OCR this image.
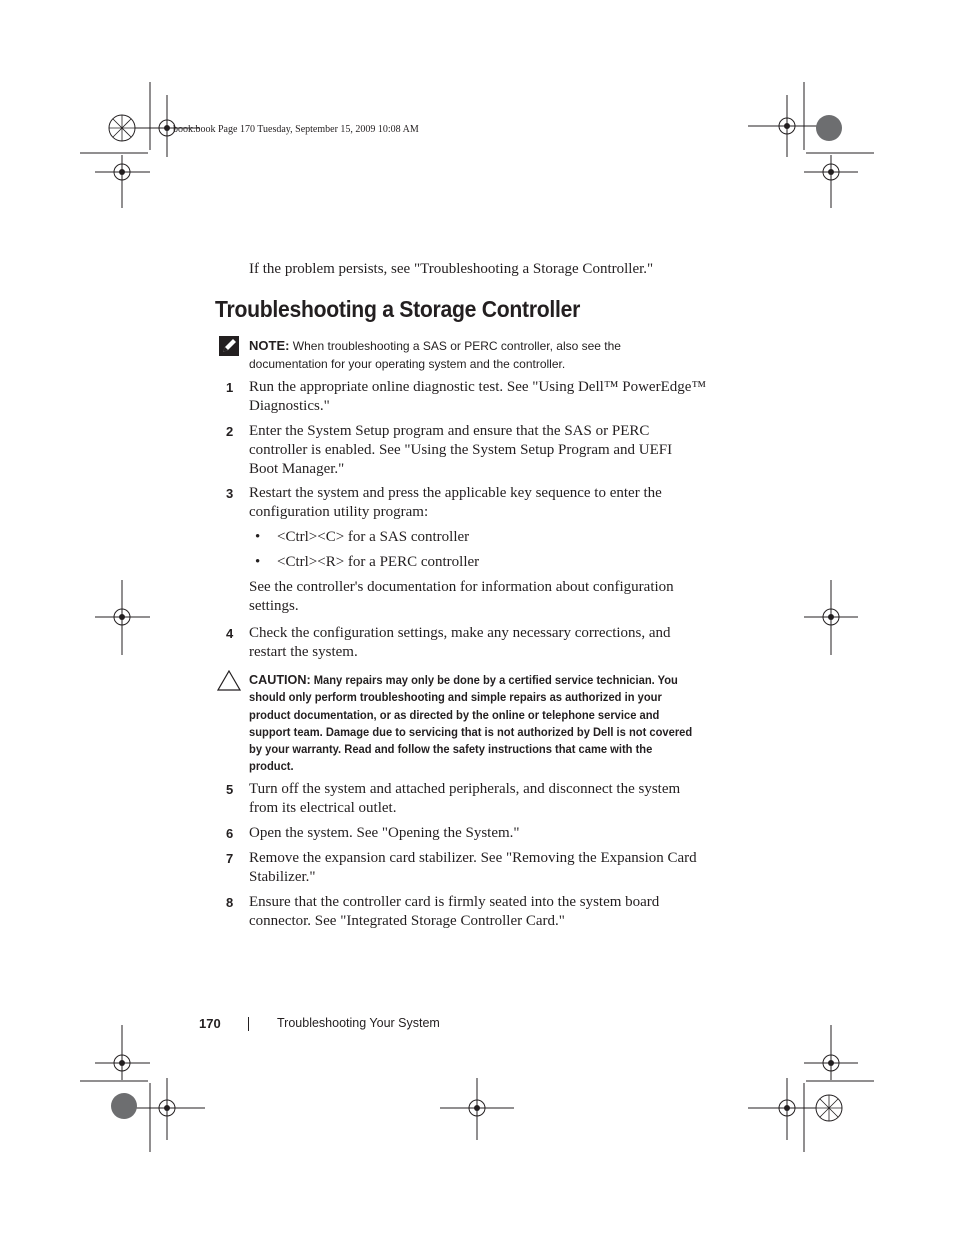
book.book Page 170 Tuesday, September 15, 2009 10:08 AM
If the problem persists, see "Troubleshooting a Storage Controller."
Troubleshooting a Storage Controller
NOTE: When troubleshooting a SAS or PERC controller, also see the
documentation for your operating system and the controller.
1 Run the appropriate online diagnostic test. See "Using Dell™ PowerEdge™
Diagnostics."
2 Enter the System Setup program and ensure that the SAS or PERC
controller is enabled. See "Using the System Setup Program and UEFI
Boot Manager."
3 Restart the system and press the applicable key sequence to enter the
configuration utility program:
• <Ctrl><C> for a SAS controller
• <Ctrl><R> for a PERC controller
See the controller's documentation for information about configuration
settings.
4 Check the configuration settings, make any necessary corrections, and
restart the system.
CAUTION: Many repairs may only be done by a certified service technician. You
should only perform troubleshooting and simple repairs as authorized in your
product documentation, or as directed by the online or telephone service and
support team. Damage due to servicing that is not authorized by Dell is not covered
by your warranty. Read and follow the safety instructions that came with the
product.
5 Turn off the system and attached peripherals, and disconnect the system
from its electrical outlet.
6 Open the system. See "Opening the System."
7 Remove the expansion card stabilizer. See "Removing the Expansion Card
Stabilizer."
8 Ensure that the controller card is firmly seated into the system board
connector. See "Integrated Storage Controller Card."
170	Troubleshooting Your System
